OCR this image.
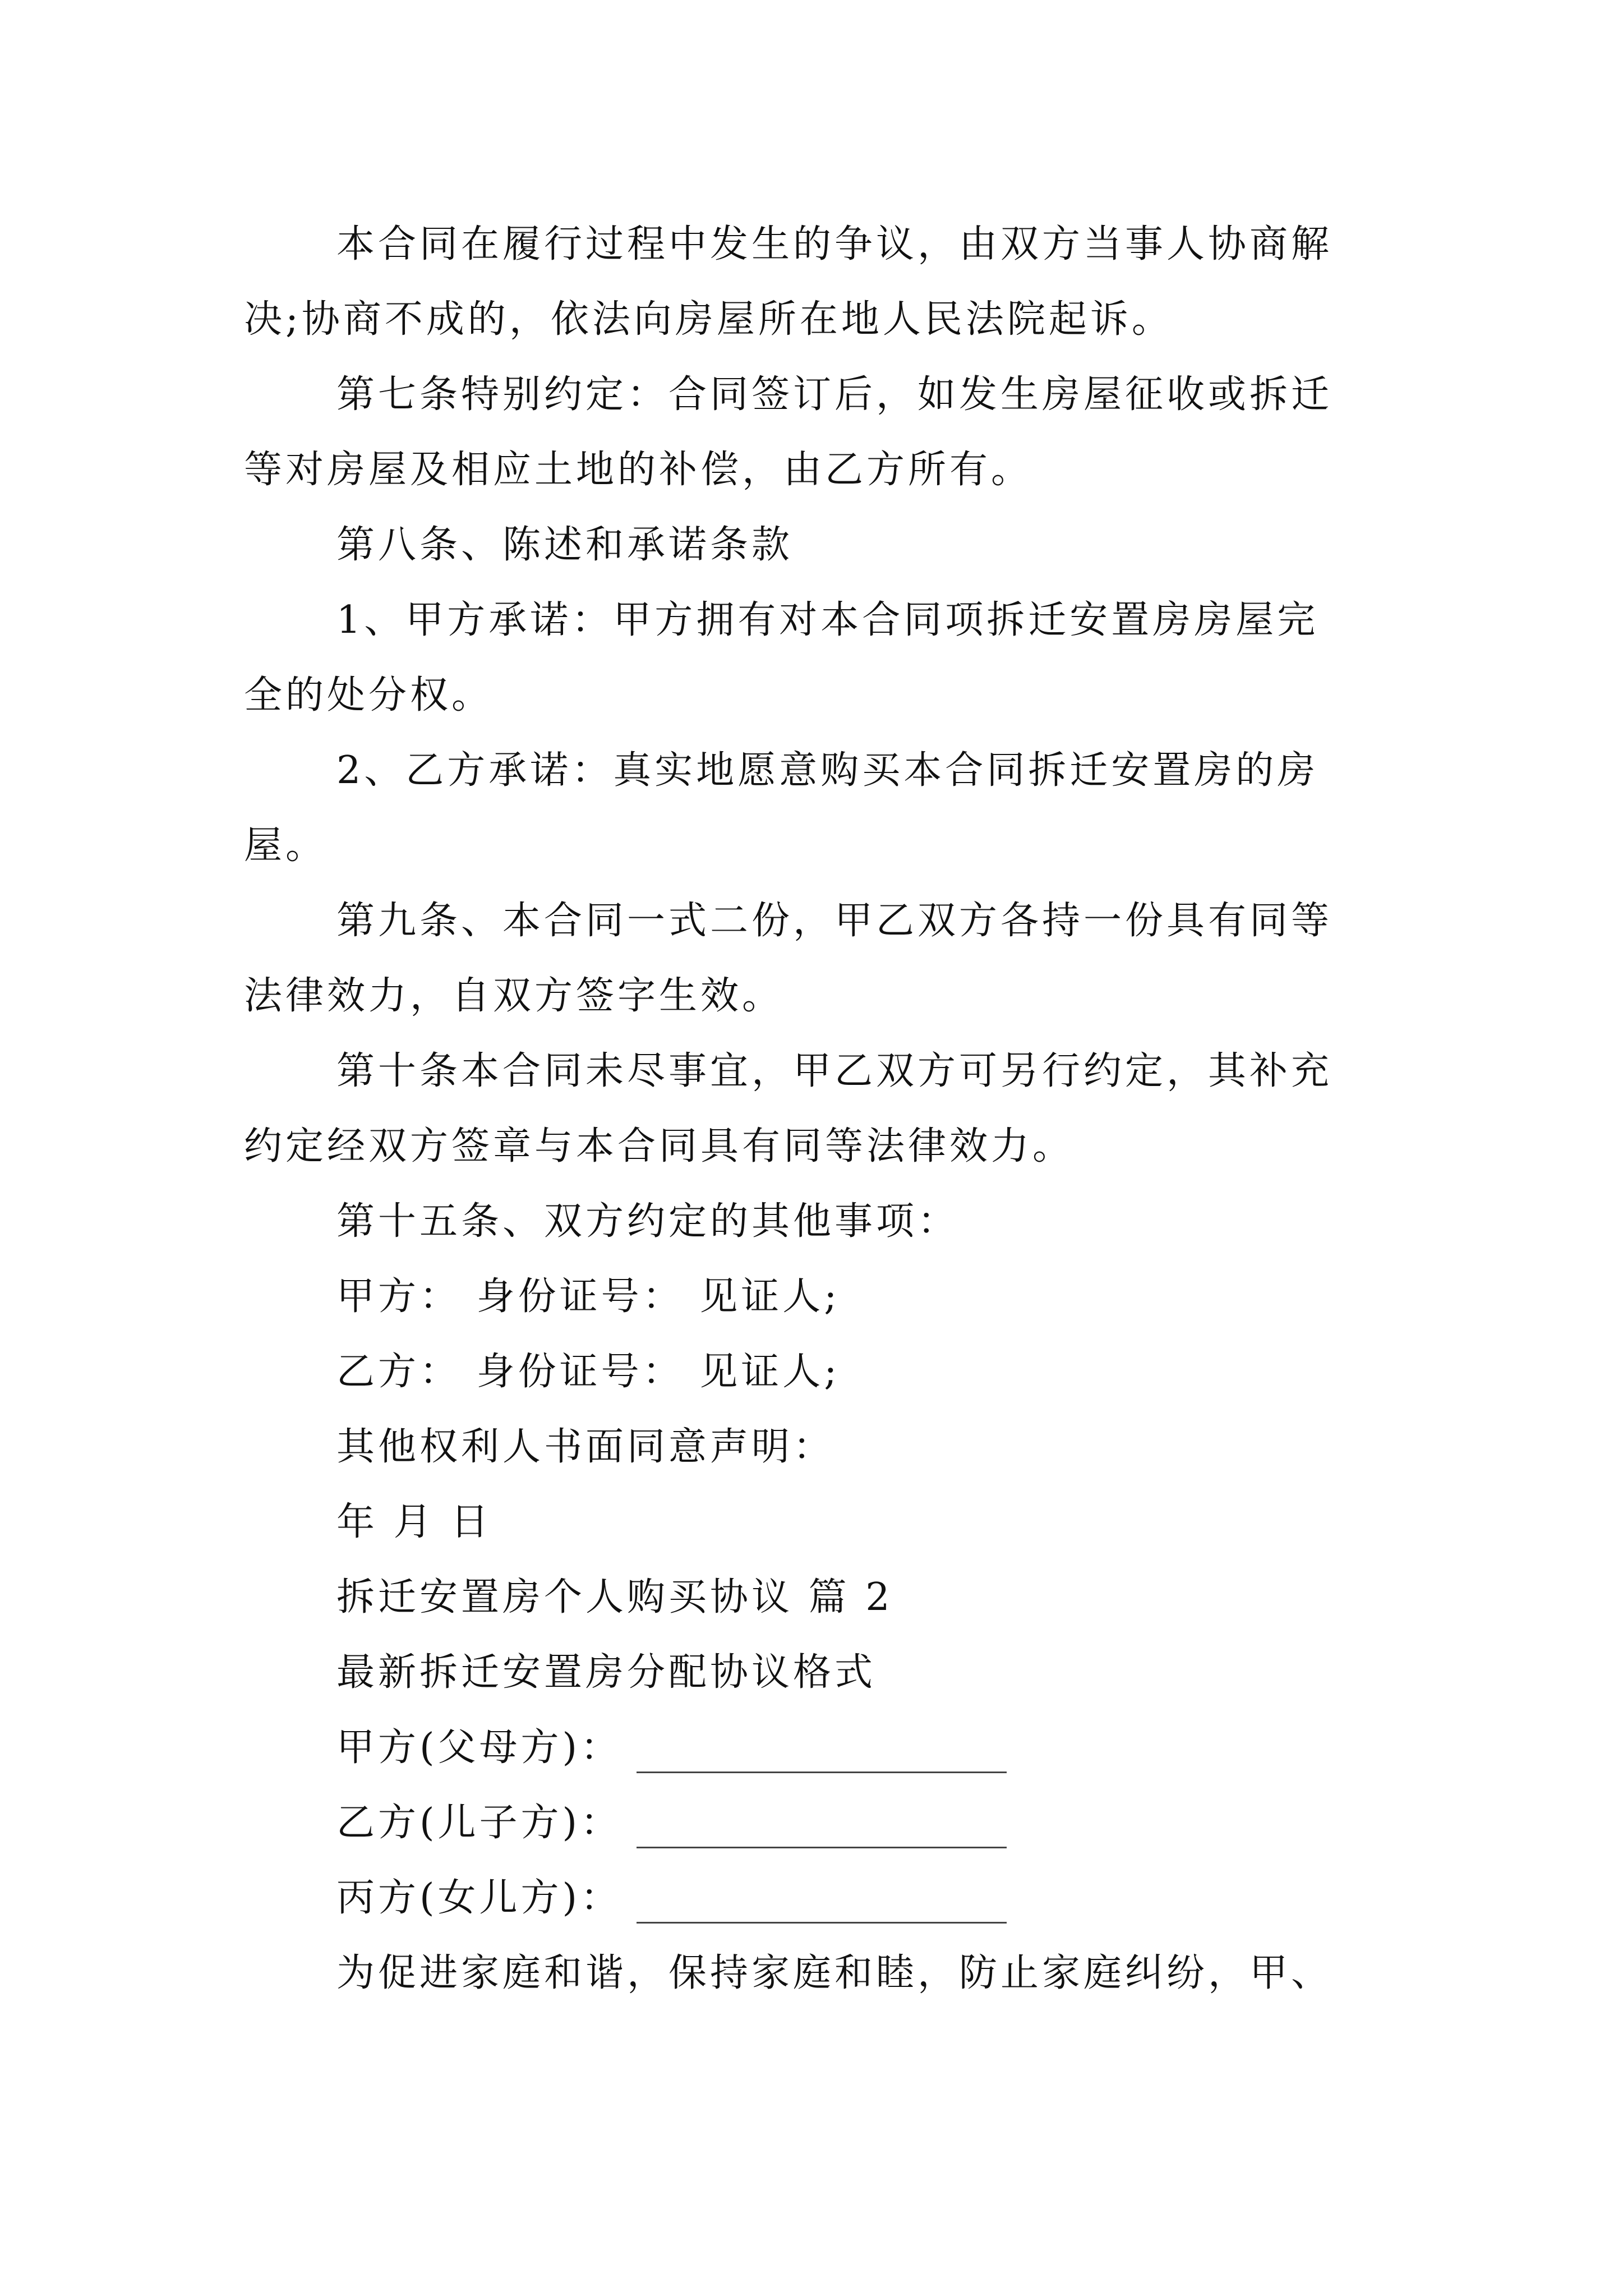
本合同在履行过程中发生的争议，由双方当事人协商解
决;协商不成的，依法向房屋所在地人民法院起诉。
第七条特别约定：合同签订后，如发生房屋征收或拆迁
等对房屋及相应土地的补偿，由乙方所有。
第八条、陈述和承诺条款
1、甲方承诺：甲方拥有对本合同项拆迁安置房房屋完
全的处分权。
2、乙方承诺：真实地愿意购买本合同拆迁安置房的房
屋。
第九条、本合同一式二份，甲乙双方各持一份具有同等
法律效力，自双方签字生效。
第十条本合同未尽事宜，甲乙双方可另行约定，其补充
约定经双方签章与本合同具有同等法律效力。
第十五条、双方约定的其他事项：
甲方： 身份证号： 见证人;
乙方： 身份证号： 见证人;
其他权利人书面同意声明：
年 月 日
拆迁安置房个人购买协议 篇 2
最新拆迁安置房分配协议格式
甲方(父母方)：
乙方(儿子方)：
丙方(女儿方)：
为促进家庭和谐，保持家庭和睦，防止家庭纠纷，甲、
